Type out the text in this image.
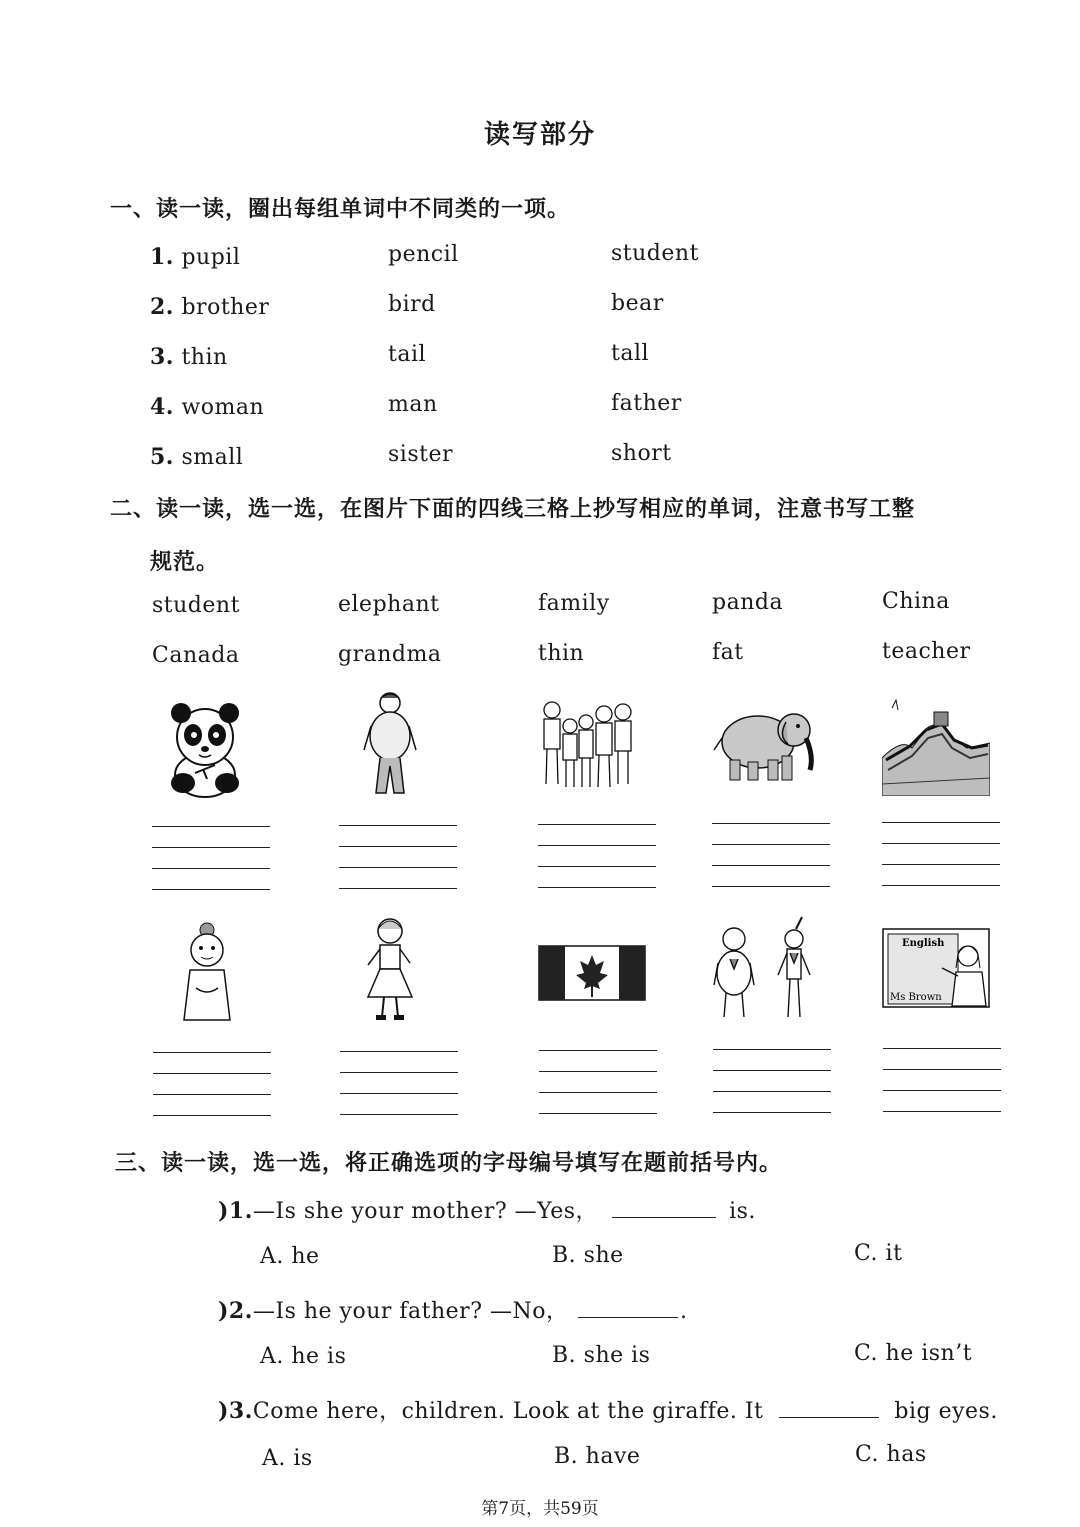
读写部分
一、读一读，圈出每组单词中不同类的一项。
1. pupil	pencil	student
2. brother	bird	bear
3. thin	tail	tall
4. woman	man	father
5. small	sister	short
二、读一读，选一选，在图片下面的四线三格上抄写相应的单词，注意书写工整
规范。
student	elephant	family	panda	China
Canada	grandma	thin	fat	teacher
English
Ms Brown
三、读一读，选一选，将正确选项的字母编号填写在题前括号内。
)1.—Is she your mother? —Yes，	is.
A. he	B. she	C. it
)2.—Is he your father? —No，	.
A. he is	B. she is	C. he isn’t
)3.Come here，children. Look at the giraffe. It	big eyes.
A. is	B. have	C. has
第7页，共59页
